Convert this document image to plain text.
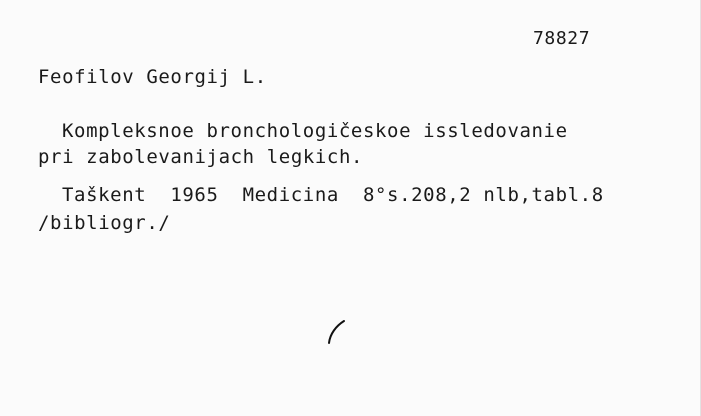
78827
Feofilov Georgij L.
Kompleksnoe bronchologičeskoe issledovanie
pri zabolevanijach legkich.
Taškent  1965  Medicina  8°s.208,2 nlb,tabl.8
/bibliogr./
